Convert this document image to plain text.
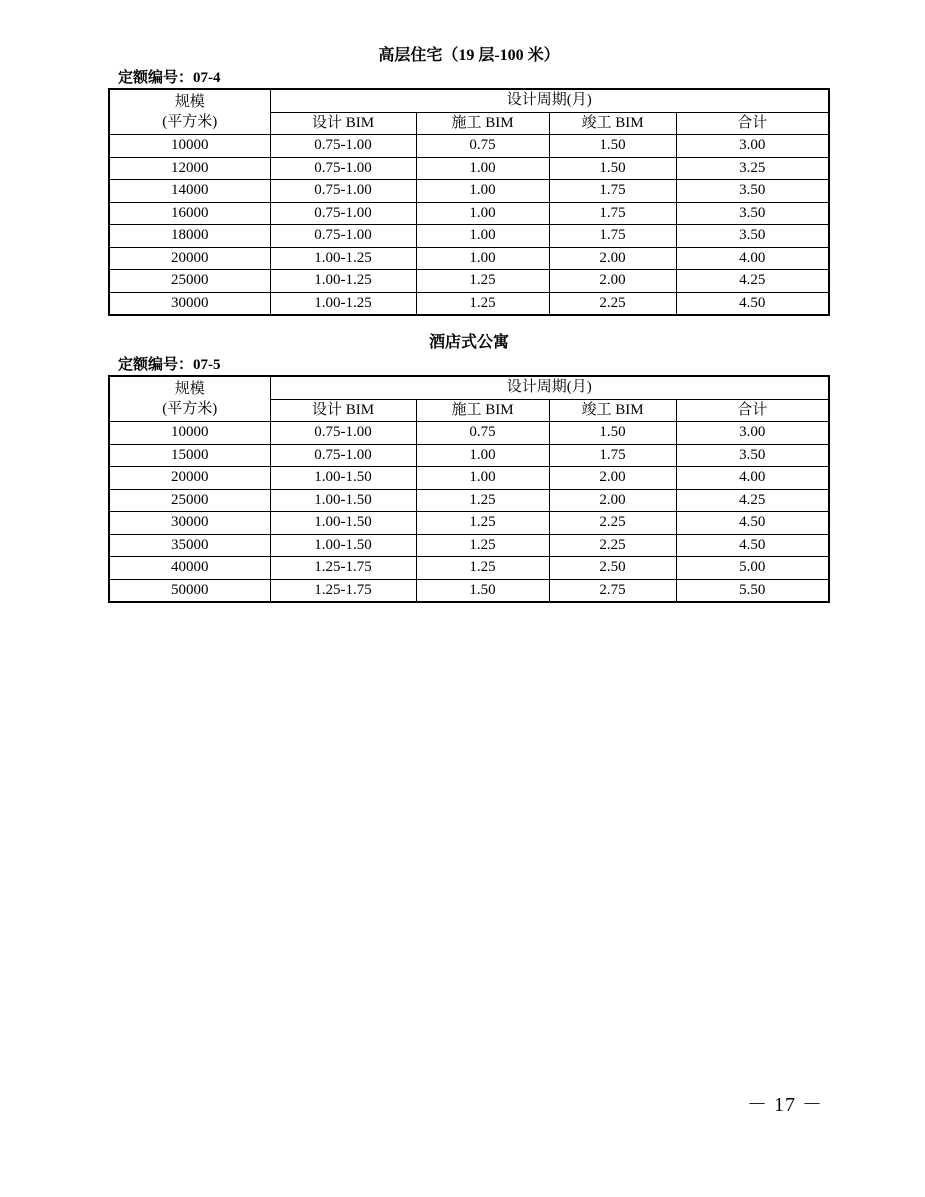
高层住宅（19 层-100 米）
定额编号：07-4
规模
(平方米)	设计周期(月)			
	设计 BIM	施工 BIM	竣工 BIM	合计
10000	0.75-1.00	0.75	1.50	3.00
12000	0.75-1.00	1.00	1.50	3.25
14000	0.75-1.00	1.00	1.75	3.50
16000	0.75-1.00	1.00	1.75	3.50
18000	0.75-1.00	1.00	1.75	3.50
20000	1.00-1.25	1.00	2.00	4.00
25000	1.00-1.25	1.25	2.00	4.25
30000	1.00-1.25	1.25	2.25	4.50
酒店式公寓
定额编号：07-5
规模
(平方米)	设计周期(月)			
	设计 BIM	施工 BIM	竣工 BIM	合计
10000	0.75-1.00	0.75	1.50	3.00
15000	0.75-1.00	1.00	1.75	3.50
20000	1.00-1.50	1.00	2.00	4.00
25000	1.00-1.50	1.25	2.00	4.25
30000	1.00-1.50	1.25	2.25	4.50
35000	1.00-1.50	1.25	2.25	4.50
40000	1.25-1.75	1.25	2.50	5.00
50000	1.25-1.75	1.50	2.75	5.50
－ 17 －
